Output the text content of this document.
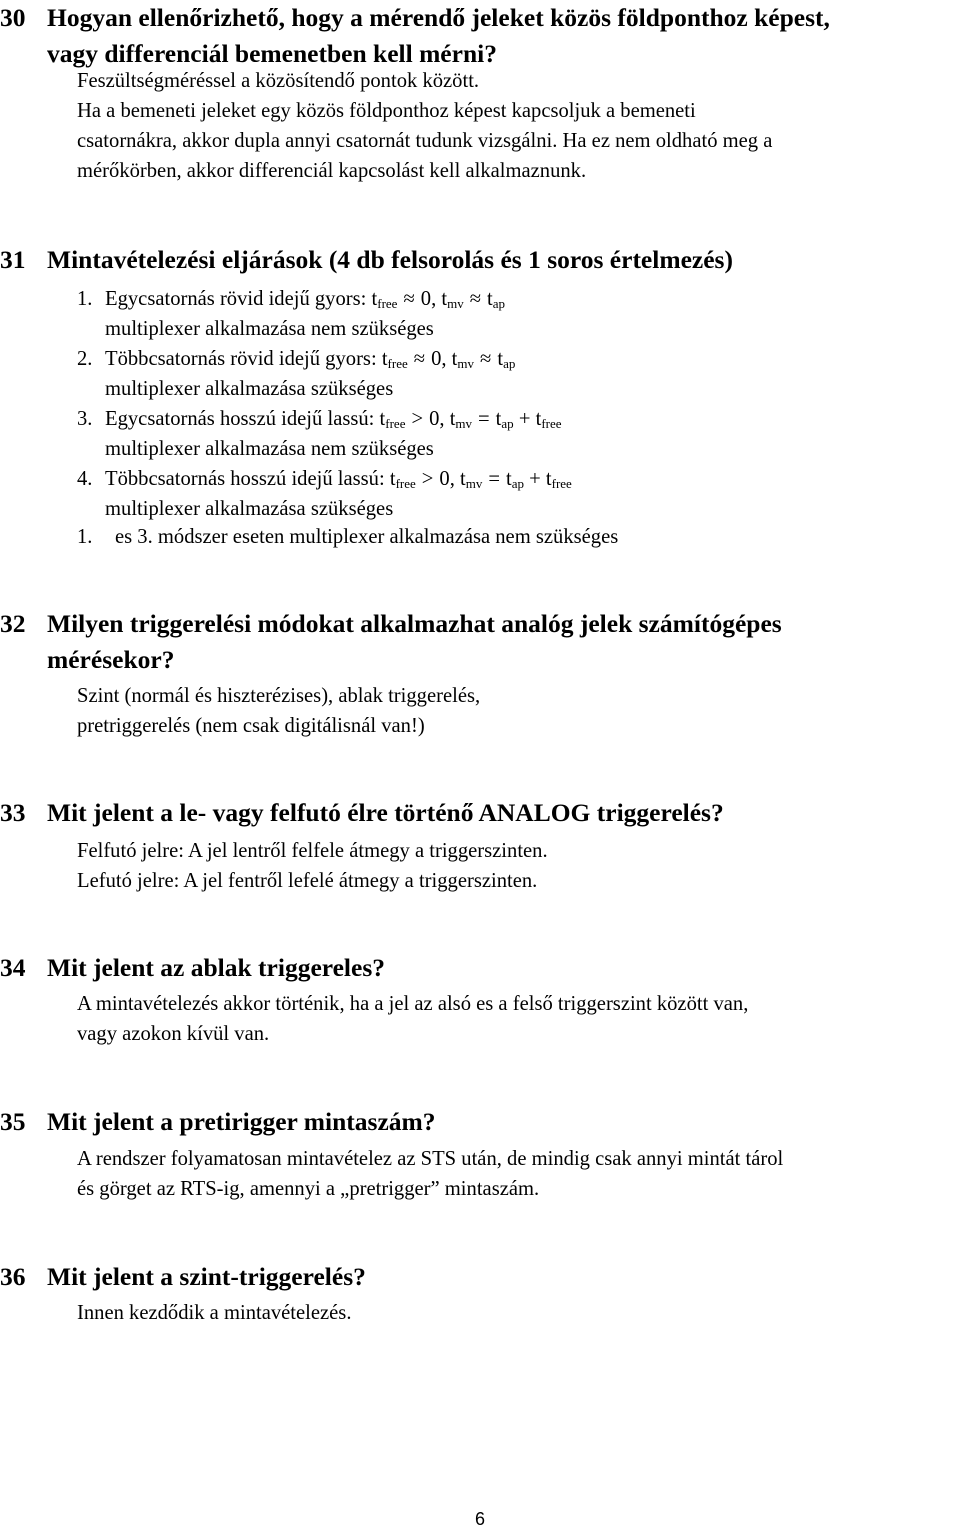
30 Hogyan ellenőrizhető, hogy a mérendő jeleket közös földponthoz képest,
vagy differenciál bemenetben kell mérni?
Feszültségméréssel a közösítendő pontok között.
Ha a bemeneti jeleket egy közös földponthoz képest kapcsoljuk a bemeneti
csatornákra, akkor dupla annyi csatornát tudunk vizsgálni. Ha ez nem oldható meg a
mérőkörben, akkor differenciál kapcsolást kell alkalmaznunk.
31 Mintavételezési eljárások (4 db felsorolás és 1 soros értelmezés)
1. Egycsatornás rövid idejű gyors: $t_{free} \approx 0$, $t_{mv} \approx t_{ap}$
multiplexer alkalmazása nem szükséges
2. Többcsatornás rövid idejű gyors: $t_{free} \approx 0$, $t_{mv} \approx t_{ap}$
multiplexer alkalmazása szükséges
3. Egycsatornás hosszú idejű lassú: $t_{free} > 0$, $t_{mv} = t_{ap} + t_{free}$
multiplexer alkalmazása nem szükséges
4. Többcsatornás hosszú idejű lassú: $t_{free} > 0$, $t_{mv} = t_{ap} + t_{free}$
multiplexer alkalmazása szükséges
1. es 3. módszer eseten multiplexer alkalmazása nem szükséges
32 Milyen triggerelési módokat alkalmazhat analóg jelek számítógépes
mérésekor?
Szint (normál és hiszterézises), ablak triggerelés,
pretriggerelés (nem csak digitálisnál van!)
33 Mit jelent a le- vagy felfutó élre történő ANALOG triggerelés?
Felfutó jelre: A jel lentről felfele átmegy a triggerszinten.
Lefutó jelre: A jel fentről lefelé átmegy a triggerszinten.
34 Mit jelent az ablak triggereles?
A mintavételezés akkor történik, ha a jel az alsó es a felső triggerszint között van,
vagy azokon kívül van.
35 Mit jelent a pretirigger mintaszám?
A rendszer folyamatosan mintavételez az STS után, de mindig csak annyi mintát tárol
és görget az RTS-ig, amennyi a „pretrigger” mintaszám.
36 Mit jelent a szint-triggerelés?
Innen kezdődik a mintavételezés.
6
